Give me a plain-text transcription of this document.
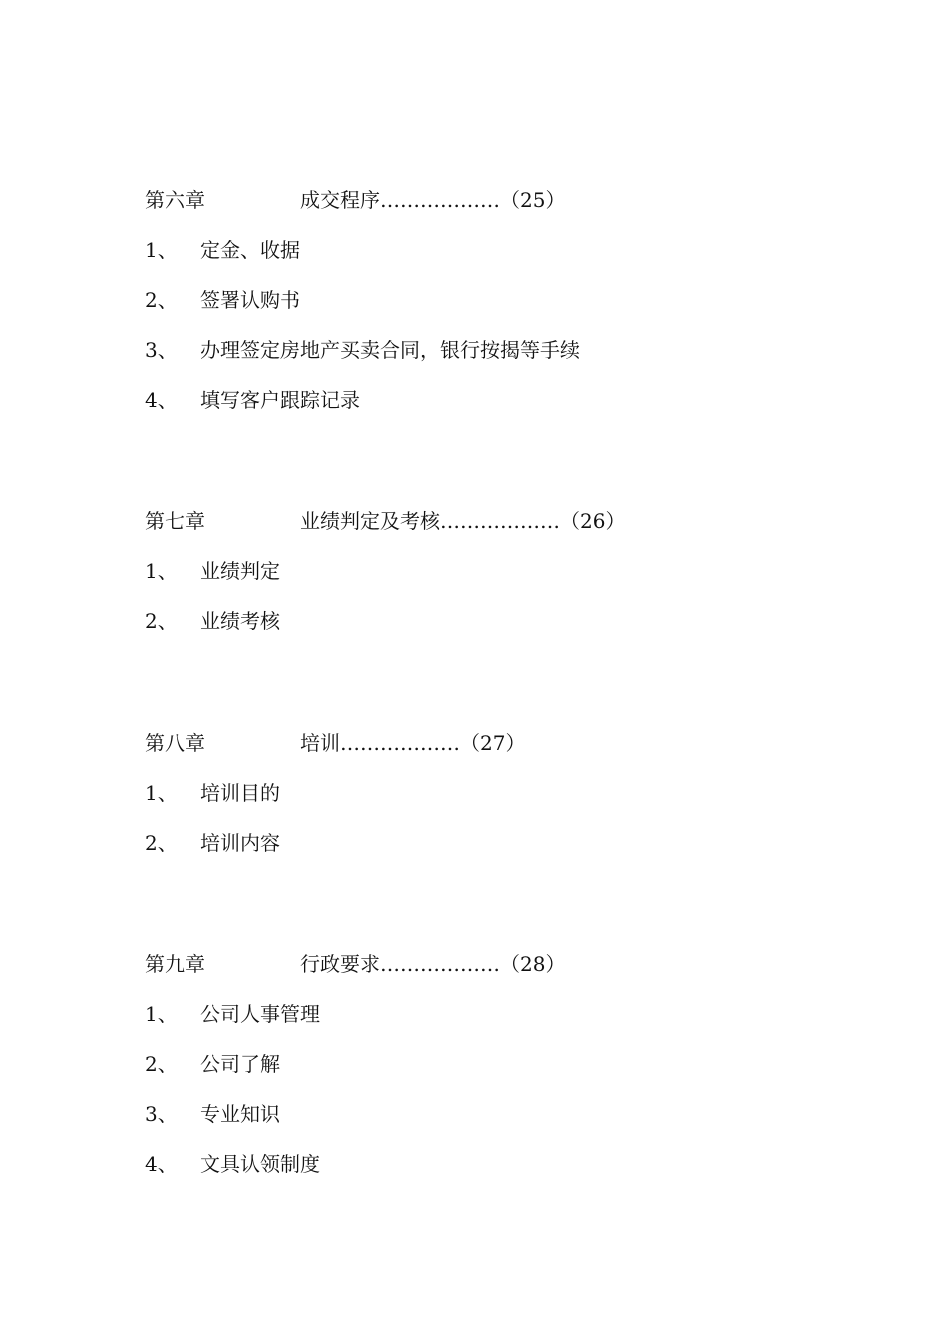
第六章	成交程序………………（25）
1、 定金、收据
2、 签署认购书
3、 办理签定房地产买卖合同，银行按揭等手续
4、 填写客户跟踪记录
第七章	业绩判定及考核………………（26）
1、 业绩判定
2、 业绩考核
第八章	培训………………（27）
1、 培训目的
2、 培训内容
第九章	行政要求………………（28）
1、 公司人事管理
2、 公司了解
3、 专业知识
4、 文具认领制度
